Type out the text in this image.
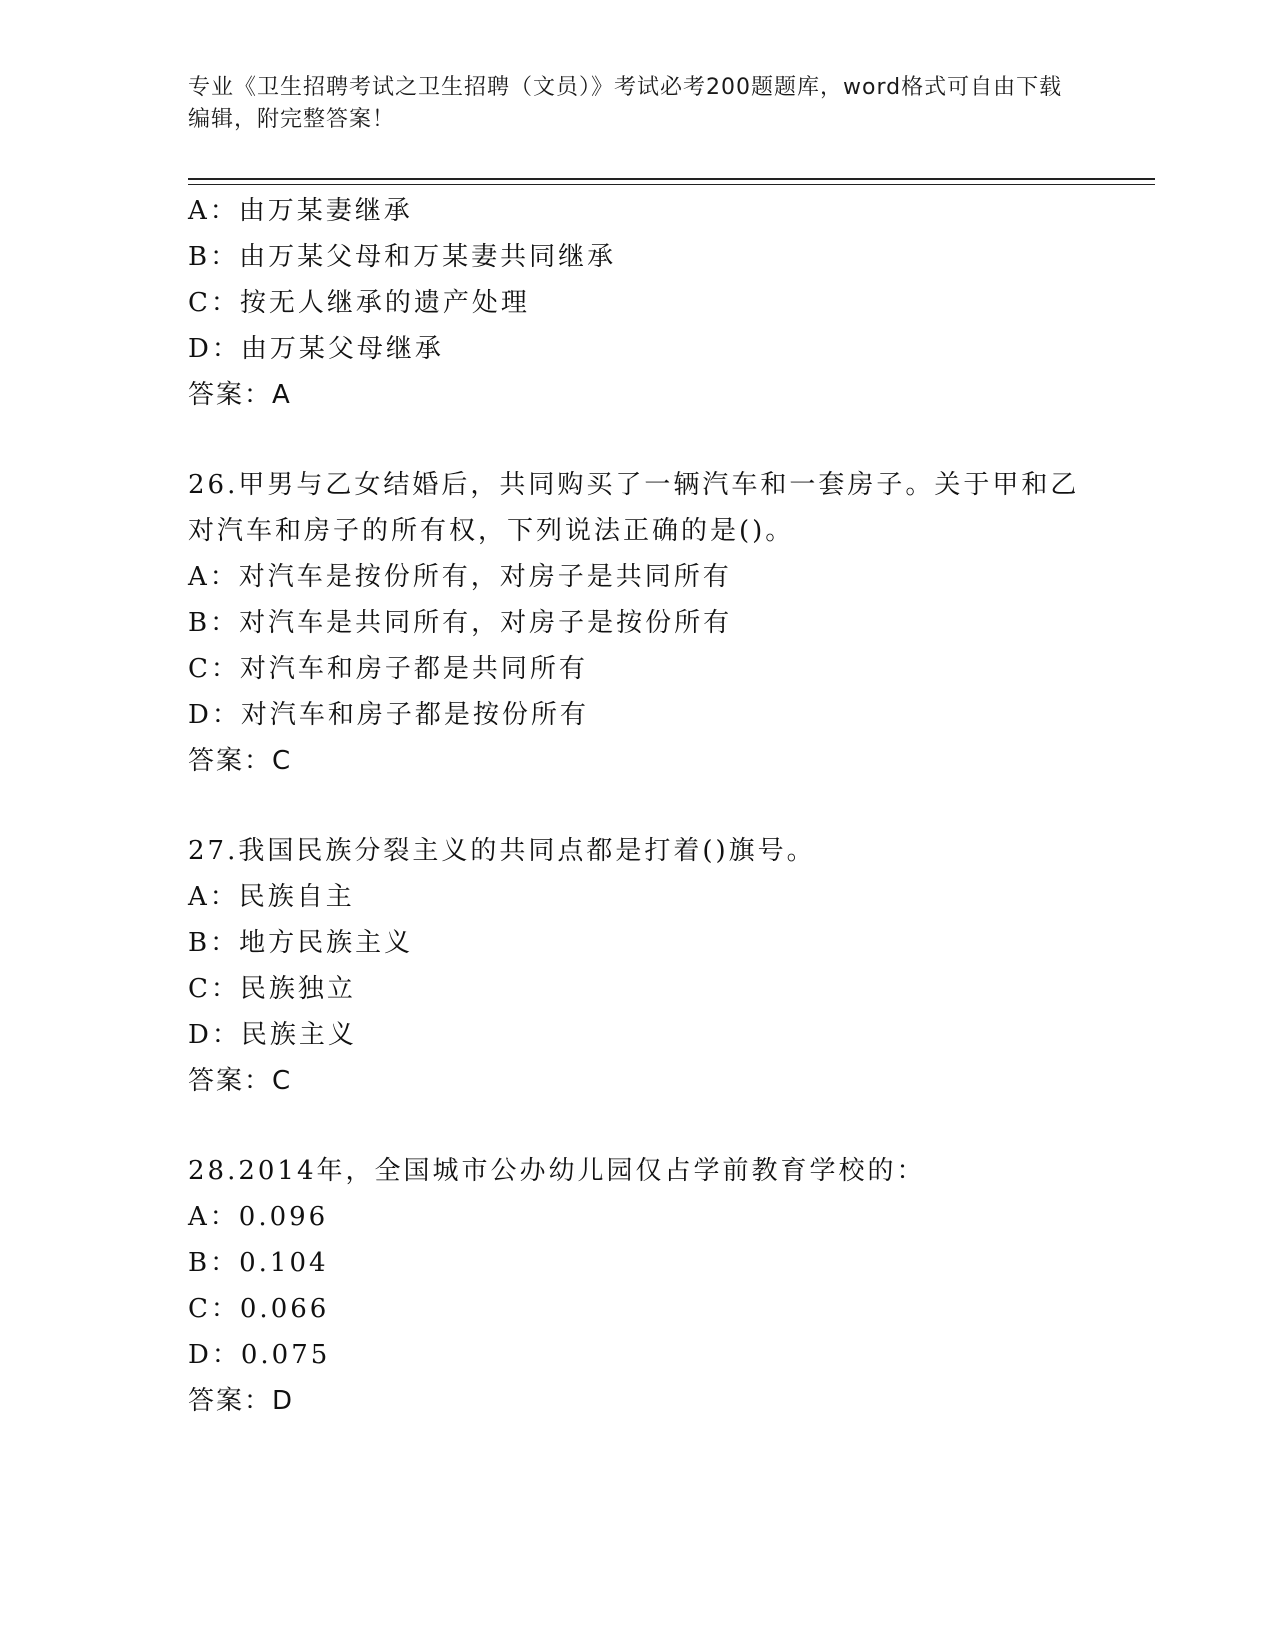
专业《卫生招聘考试之卫生招聘（文员）》考试必考200题题库，word格式可自由下载编辑，附完整答案！
A：由万某妻继承
B：由万某父母和万某妻共同继承
C：按无人继承的遗产处理
D：由万某父母继承
答案：A
26.甲男与乙女结婚后，共同购买了一辆汽车和一套房子。关于甲和乙
对汽车和房子的所有权，下列说法正确的是()。
A：对汽车是按份所有，对房子是共同所有
B：对汽车是共同所有，对房子是按份所有
C：对汽车和房子都是共同所有
D：对汽车和房子都是按份所有
答案：C
27.我国民族分裂主义的共同点都是打着()旗号。
A：民族自主
B：地方民族主义
C：民族独立
D：民族主义
答案：C
28.2014年，全国城市公办幼儿园仅占学前教育学校的：
A：0.096
B：0.104
C：0.066
D：0.075
答案：D
